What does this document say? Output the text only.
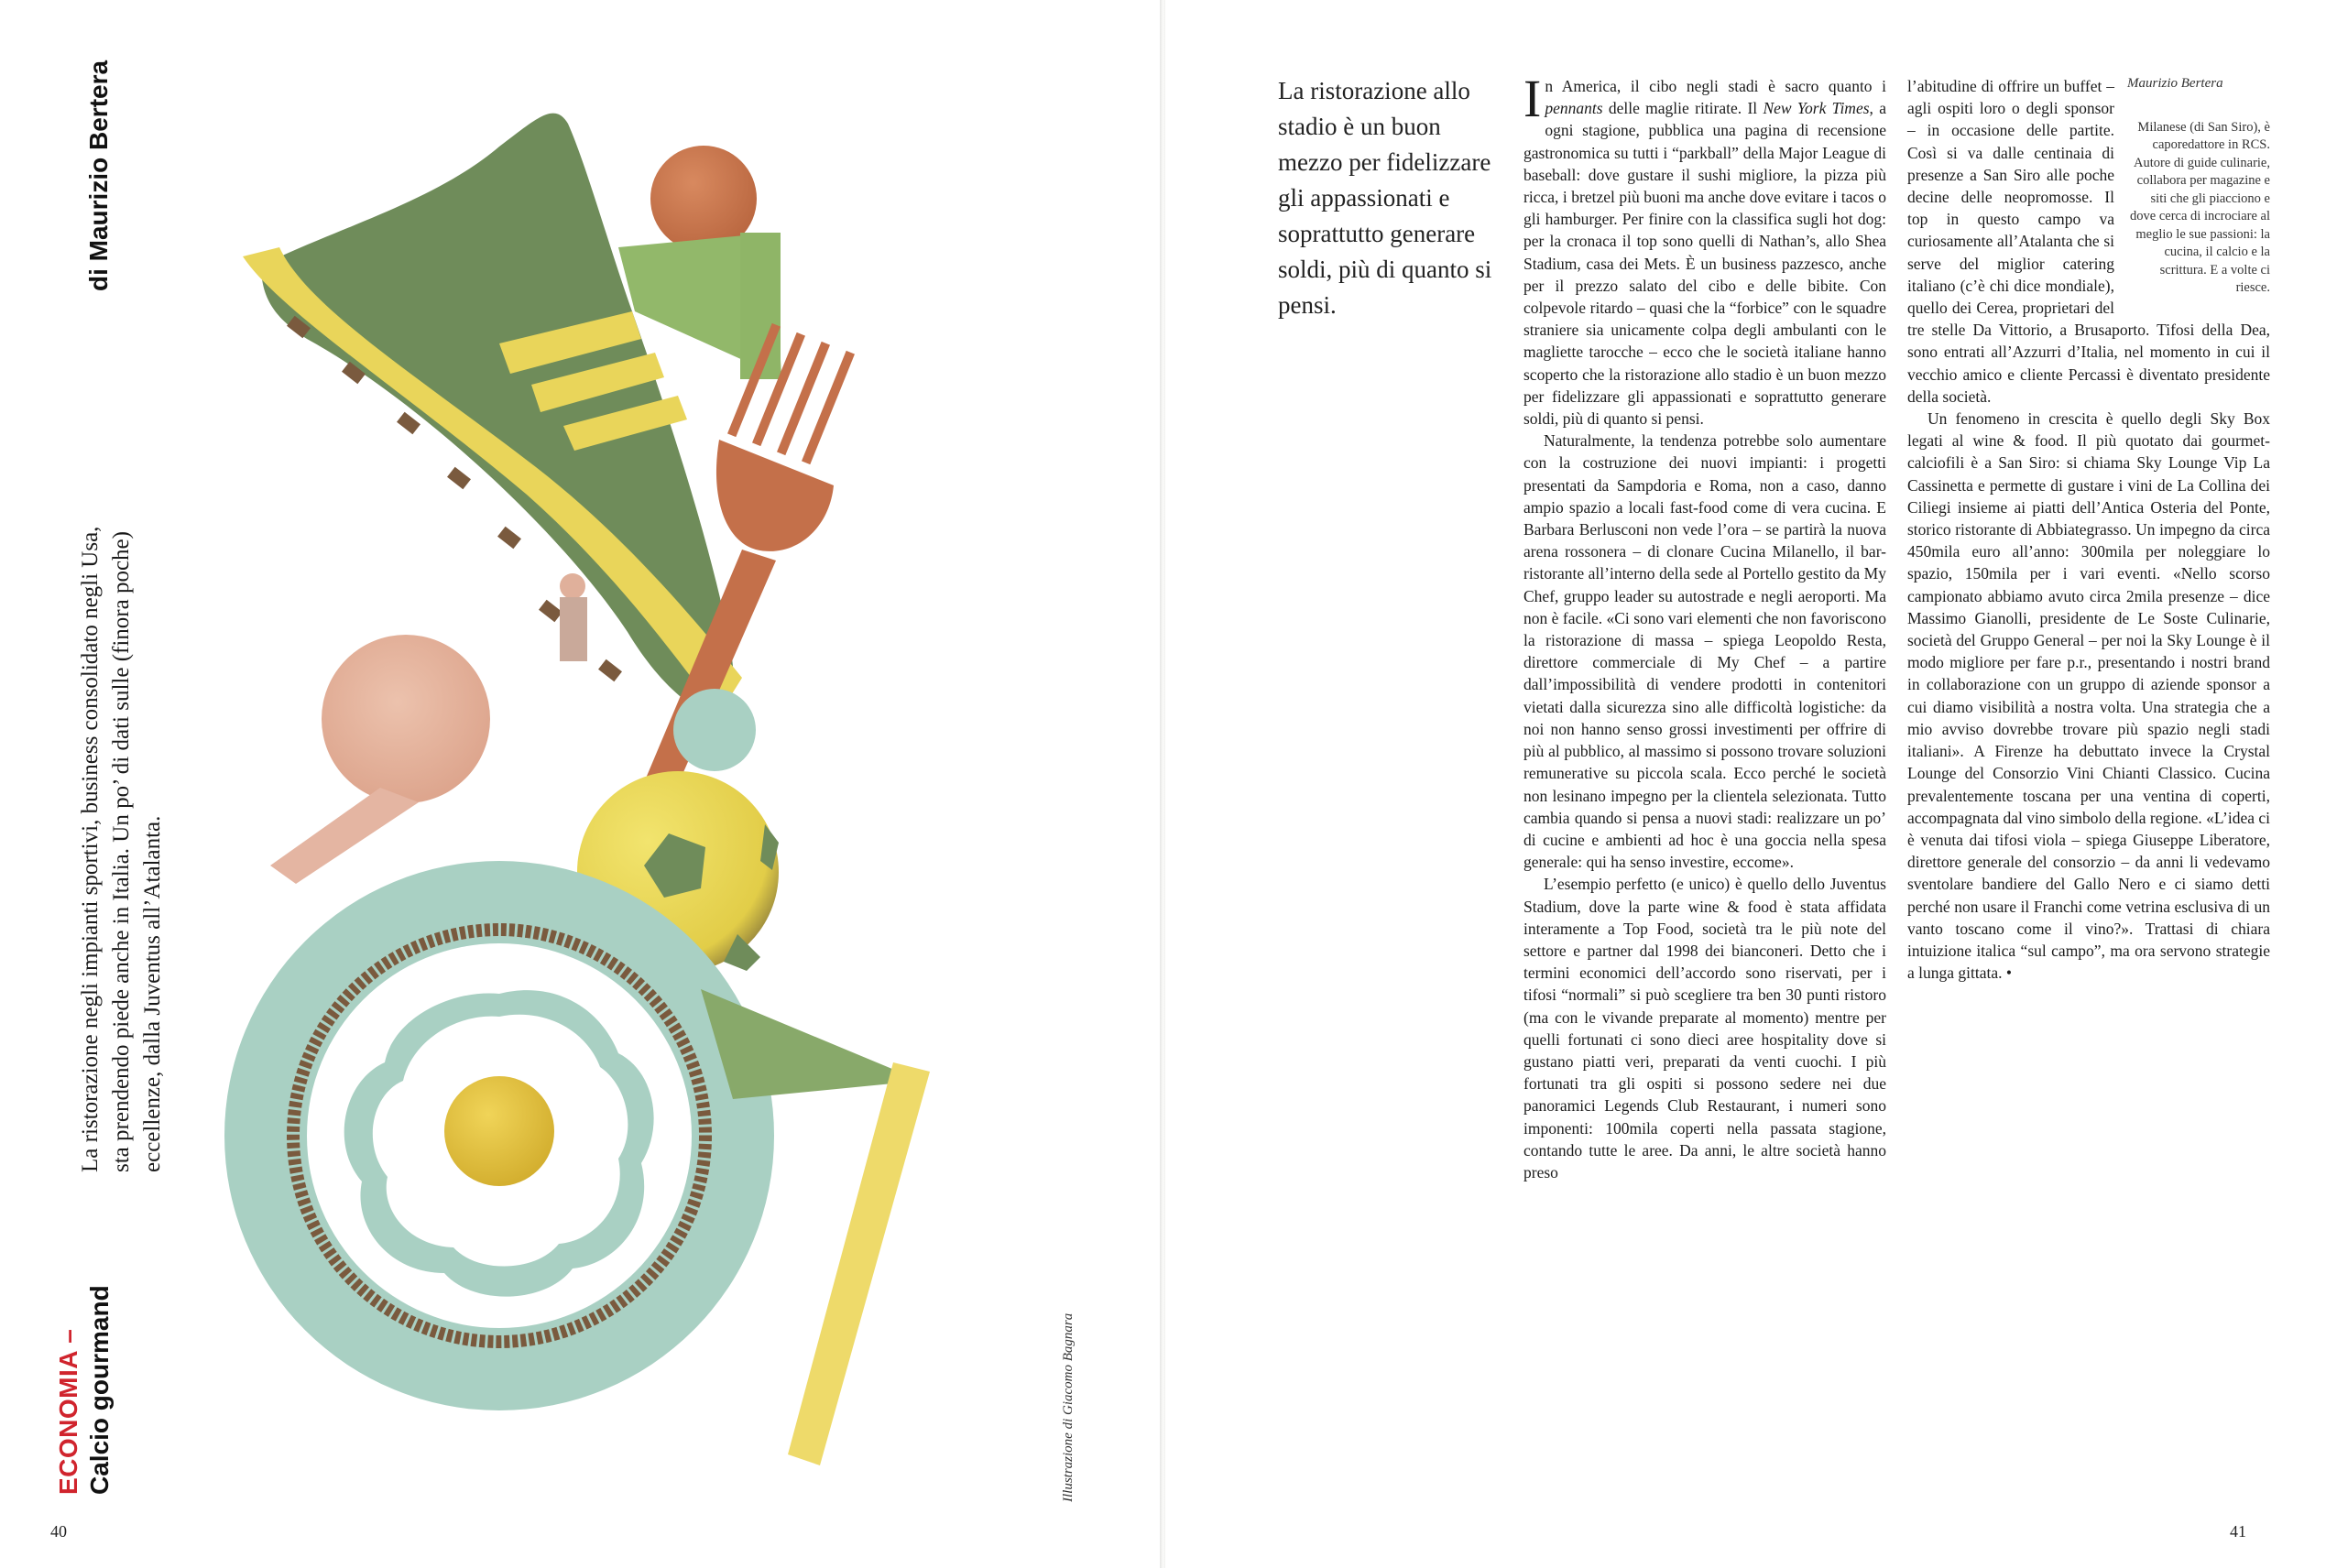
ECONOMIA – Calcio gourmand
di Maurizio Bertera
La ristorazione negli impianti sportivi, business consolidato negli Usa, sta prendendo piede anche in Italia. Un po’ di dati sulle (finora poche) eccellenze, dalla Juventus all’Atalanta.
Illustrazione di Giacomo Bagnara
40
La ristorazione allo stadio è un buon mezzo per fidelizzare gli appassionati e soprattutto generare soldi, più di quanto si pensi.

In America, il cibo negli stadi è sacro quanto i pennants delle maglie ritirate. Il New York Times, a ogni stagione, pubblica una pagina di recensione gastronomica su tutti i “parkball” della Major League di baseball: dove gustare il sushi migliore, la pizza più ricca, i bretzel più buoni ma anche dove evitare i tacos o gli hamburger. Per finire con la classifica sugli hot dog: per la cronaca il top sono quelli di Nathan’s, allo Shea Stadium, casa dei Mets. È un business pazzesco, anche per il prezzo salato del cibo e delle bibite. Con colpevole ritardo – quasi che la “forbice” con le squadre straniere sia unicamente colpa degli ambulanti con le magliette tarocche – ecco che le società italiane hanno scoperto che la ristorazione allo stadio è un buon mezzo per fidelizzare gli appassionati e soprattutto generare soldi, più di quanto si pensi.

Naturalmente, la tendenza potrebbe solo aumentare con la costruzione dei nuovi impianti: i progetti presentati da Sampdoria e Roma, non a caso, danno ampio spazio a locali fast-food come di vera cucina. E Barbara Berlusconi non vede l’ora – se partirà la nuova arena rossonera – di clonare Cucina Milanello, il bar-ristorante all’interno della sede al Portello gestito da My Chef, gruppo leader su autostrade e negli aeroporti. Ma non è facile. «Ci sono vari elementi che non favoriscono la ristorazione di massa – spiega Leopoldo Resta, direttore commerciale di My Chef – a partire dall’impossibilità di vendere prodotti in contenitori vietati dalla sicurezza sino alle difficoltà logistiche: da noi non hanno senso grossi investimenti per offrire di più al pubblico, al massimo si possono trovare soluzioni remunerative su piccola scala. Ecco perché le società non lesinano impegno per la clientela selezionata. Tutto cambia quando si pensa a nuovi stadi: realizzare un po’ di cucine e ambienti ad hoc è una goccia nella spesa generale: qui ha senso investire, eccome».

L’esempio perfetto (e unico) è quello dello Juventus Stadium, dove la parte wine & food è stata affidata interamente a Top Food, società tra le più note del settore e partner dal 1998 dei bianconeri. Detto che i termini economici dell’accordo sono riservati, per i tifosi “normali” si può scegliere tra ben 30 punti ristoro (ma con le vivande preparate al momento) mentre per quelli fortunati ci sono dieci aree hospitality dove si gustano piatti veri, preparati da venti cuochi. I più fortunati tra gli ospiti si possono sedere nei due panoramici Legends Club Restaurant, i numeri sono imponenti: 100mila coperti nella passata stagione, contando tutte le aree. Da anni, le altre società hanno preso

Maurizio Bertera
Milanese (di San Siro), è caporedattore in RCS. Autore di guide culinarie, collabora per magazine e siti che gli piacciono e dove cerca di incrociare al meglio le sue passioni: la cucina, il calcio e la scrittura. E a volte ci riesce.

l’abitudine di offrire un buffet – agli ospiti loro o degli sponsor – in occasione delle partite. Così si va dalle centinaia di presenze a San Siro alle poche decine delle neopromosse. Il top in questo campo va curiosamente all’Atalanta che si serve del miglior catering italiano (c’è chi dice mondiale), quello dei Cerea, proprietari del tre stelle Da Vittorio, a Brusaporto. Tifosi della Dea, sono entrati all’Azzurri d’Italia, nel momento in cui il vecchio amico e cliente Percassi è diventato presidente della società.

Un fenomeno in crescita è quello degli Sky Box legati al wine & food. Il più quotato dai gourmet-calciofili è a San Siro: si chiama Sky Lounge Vip La Cassinetta e permette di gustare i vini de La Collina dei Ciliegi insieme ai piatti dell’Antica Osteria del Ponte, storico ristorante di Abbiategrasso. Un impegno da circa 450mila euro all’anno: 300mila per noleggiare lo spazio, 150mila per i vari eventi. «Nello scorso campionato abbiamo avuto circa 2mila presenze – dice Massimo Gianolli, presidente de Le Soste Culinarie, società del Gruppo General – per noi la Sky Lounge è il modo migliore per fare p.r., presentando i nostri brand in collaborazione con un gruppo di aziende sponsor a cui diamo visibilità a nostra volta. Una strategia che a mio avviso dovrebbe trovare più spazio negli stadi italiani». A Firenze ha debuttato invece la Crystal Lounge del Consorzio Vini Chianti Classico. Cucina prevalentemente toscana per una ventina di coperti, accompagnata dal vino simbolo della regione. «L’idea ci è venuta dai tifosi viola – spiega Giuseppe Liberatore, direttore generale del consorzio – da anni li vedevamo sventolare bandiere del Gallo Nero e ci siamo detti perché non usare il Franchi come vetrina esclusiva di un vanto toscano come il vino?». Trattasi di chiara intuizione italica “sul campo”, ma ora servono strategie a lunga gittata. •

41
